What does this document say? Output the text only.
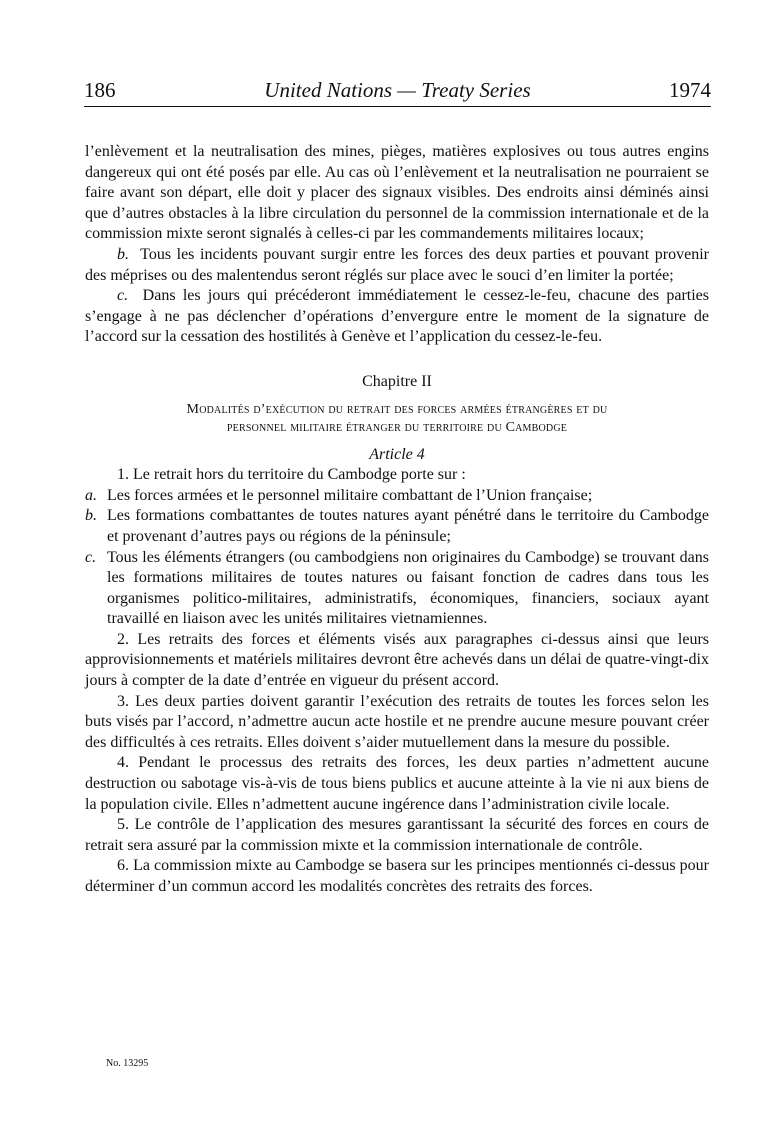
186	United Nations — Treaty Series	1974

l’enlèvement et la neutralisation des mines, pièges, matières explosives ou tous autres engins dangereux qui ont été posés par elle. Au cas où l’enlèvement et la neutralisation ne pourraient se faire avant son départ, elle doit y placer des signaux visibles. Des endroits ainsi déminés ainsi que d’autres obstacles à la libre circulation du personnel de la commission internationale et de la commission mixte seront signalés à celles-ci par les commandements militaires locaux;

b. Tous les incidents pouvant surgir entre les forces des deux parties et pouvant provenir des méprises ou des malentendus seront réglés sur place avec le souci d’en limiter la portée;

c. Dans les jours qui précéderont immédiatement le cessez-le-feu, chacune des parties s’engage à ne pas déclencher d’opérations d’envergure entre le moment de la signature de l’accord sur la cessation des hostilités à Genève et l’application du cessez-le-feu.

Chapitre II

Modalités d’exécution du retrait des forces armées étrangères et du

personnel militaire étranger du territoire du Cambodge

Article 4

1. Le retrait hors du territoire du Cambodge porte sur :

a. Les forces armées et le personnel militaire combattant de l’Union française;
b. Les formations combattantes de toutes natures ayant pénétré dans le territoire du Cambodge et provenant d’autres pays ou régions de la péninsule;
c. Tous les éléments étrangers (ou cambodgiens non originaires du Cambodge) se trouvant dans les formations militaires de toutes natures ou faisant fonction de cadres dans tous les organismes politico-militaires, administratifs, économiques, financiers, sociaux ayant travaillé en liaison avec les unités militaires vietnamiennes.

2. Les retraits des forces et éléments visés aux paragraphes ci-dessus ainsi que leurs approvisionnements et matériels militaires devront être achevés dans un délai de quatre-vingt-dix jours à compter de la date d’entrée en vigueur du présent accord.

3. Les deux parties doivent garantir l’exécution des retraits de toutes les forces selon les buts visés par l’accord, n’admettre aucun acte hostile et ne prendre aucune mesure pouvant créer des difficultés à ces retraits. Elles doivent s’aider mutuellement dans la mesure du possible.

4. Pendant le processus des retraits des forces, les deux parties n’admettent aucune destruction ou sabotage vis-à-vis de tous biens publics et aucune atteinte à la vie ni aux biens de la population civile. Elles n’admettent aucune ingérence dans l’administration civile locale.

5. Le contrôle de l’application des mesures garantissant la sécurité des forces en cours de retrait sera assuré par la commission mixte et la commission internationale de contrôle.

6. La commission mixte au Cambodge se basera sur les principes mentionnés ci-dessus pour déterminer d’un commun accord les modalités concrètes des retraits des forces.

No. 13295
